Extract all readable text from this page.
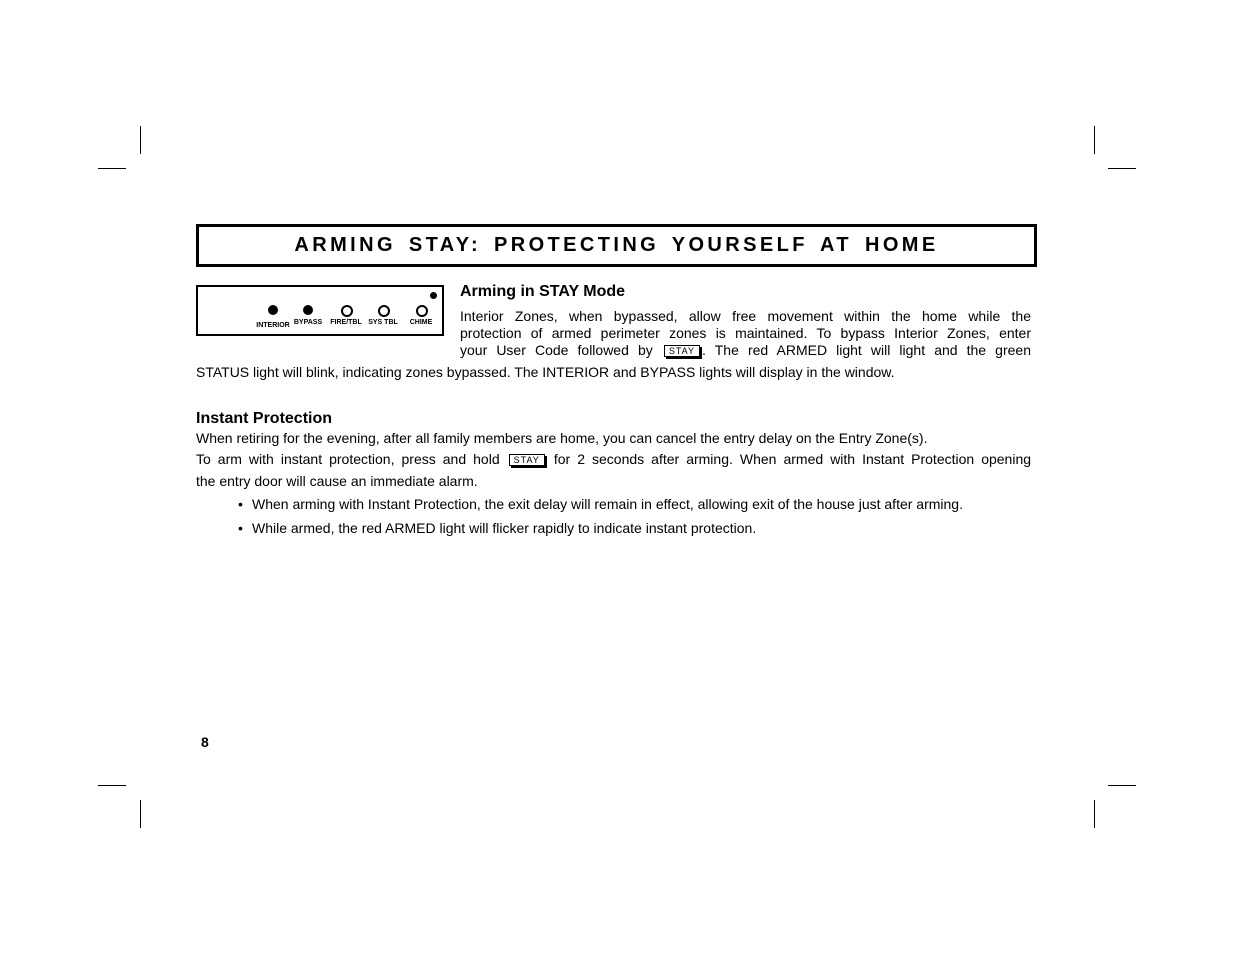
ARMING STAY: PROTECTING YOURSELF AT HOME
INTERIOR BYPASS FIRE/TBL SYS TBL CHIME
Arming in STAY Mode
Interior Zones, when bypassed, allow free movement within the home while the
protection of armed perimeter zones is maintained. To bypass Interior Zones, enter
your User Code followed by STAY . The red ARMED light will light and the green
STATUS light will blink, indicating zones bypassed. The INTERIOR and BYPASS lights will display in the window.
Instant Protection
When retiring for the evening, after all family members are home, you can cancel the entry delay on the Entry Zone(s).
To arm with instant protection, press and hold STAY for 2 seconds after arming. When armed with Instant Protection opening
the entry door will cause an immediate alarm.
• When arming with Instant Protection, the exit delay will remain in effect, allowing exit of the house just after arming.
• While armed, the red ARMED light will flicker rapidly to indicate instant protection.
8
